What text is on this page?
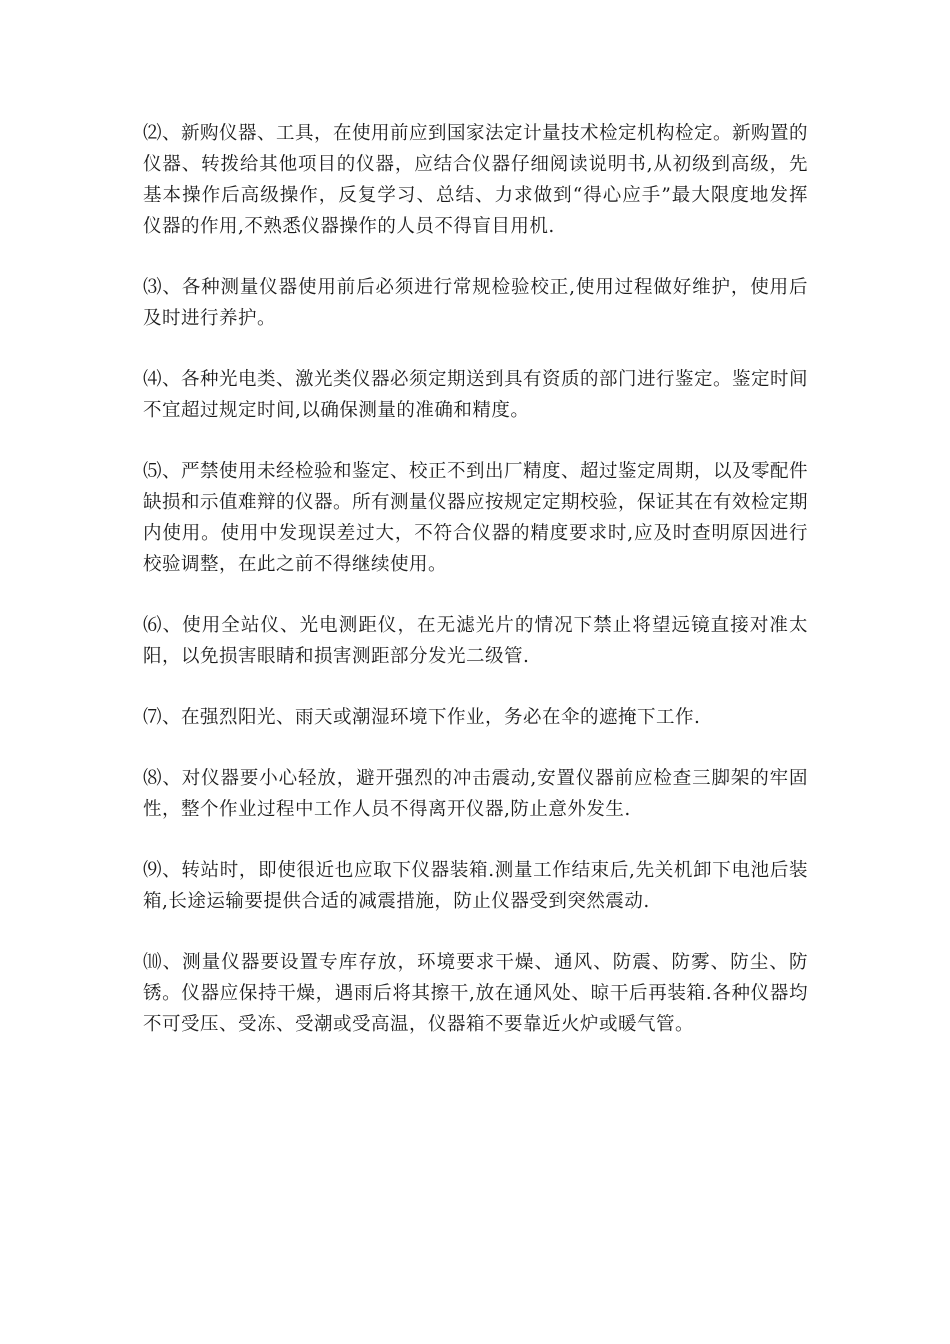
⑵、新购仪器、工具，在使用前应到国家法定计量技术检定机构检定。新购置的仪器、转拨给其他项目的仪器，应结合仪器仔细阅读说明书,从初级到高级，先基本操作后高级操作，反复学习、总结、力求做到“得心应手”最大限度地发挥仪器的作用,不熟悉仪器操作的人员不得盲目用机.

⑶、各种测量仪器使用前后必须进行常规检验校正,使用过程做好维护，使用后及时进行养护。

⑷、各种光电类、激光类仪器必须定期送到具有资质的部门进行鉴定。鉴定时间不宜超过规定时间,以确保测量的准确和精度。

⑸、严禁使用未经检验和鉴定、校正不到出厂精度、超过鉴定周期，以及零配件缺损和示值难辩的仪器。所有测量仪器应按规定定期校验，保证其在有效检定期内使用。使用中发现误差过大，不符合仪器的精度要求时,应及时查明原因进行校验调整，在此之前不得继续使用。

⑹、使用全站仪、光电测距仪，在无滤光片的情况下禁止将望远镜直接对准太阳，以免损害眼睛和损害测距部分发光二级管.

⑺、在强烈阳光、雨天或潮湿环境下作业，务必在伞的遮掩下工作.

⑻、对仪器要小心轻放，避开强烈的冲击震动,安置仪器前应检查三脚架的牢固性，整个作业过程中工作人员不得离开仪器,防止意外发生.

⑼、转站时，即使很近也应取下仪器装箱.测量工作结束后,先关机卸下电池后装箱,长途运输要提供合适的减震措施，防止仪器受到突然震动.

⑽、测量仪器要设置专库存放，环境要求干燥、通风、防震、防雾、防尘、防锈。仪器应保持干燥，遇雨后将其擦干,放在通风处、晾干后再装箱.各种仪器均不可受压、受冻、受潮或受高温，仪器箱不要靠近火炉或暖气管。
